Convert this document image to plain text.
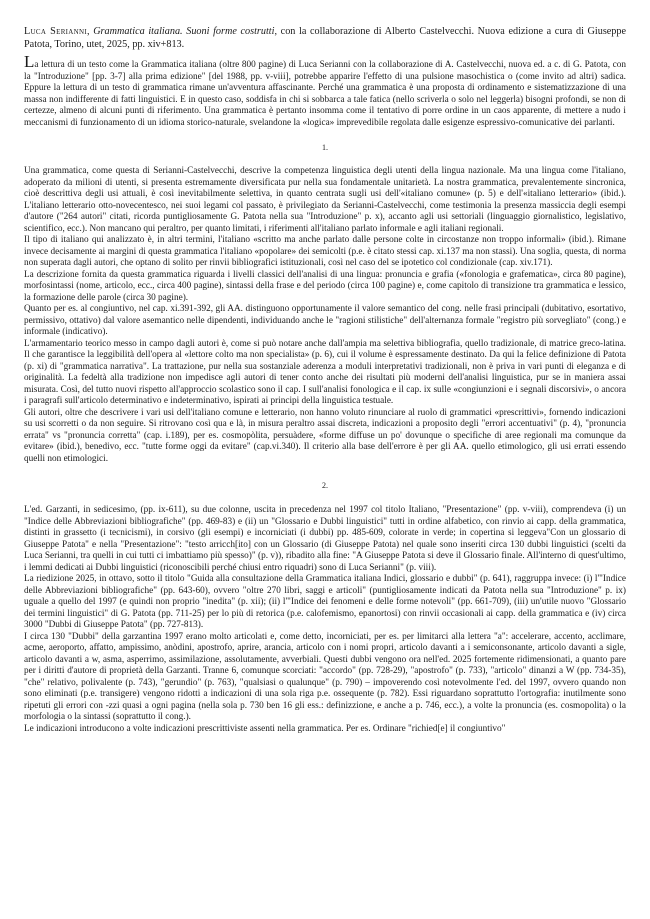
Luca Serianni, Grammatica italiana. Suoni forme costrutti, con la collaborazione di Alberto Castelvecchi. Nuova edizione a cura di Giuseppe Patota, Torino, utet, 2025, pp. xiv+813.

La lettura di un testo come la Grammatica italiana (oltre 800 pagine) di Luca Serianni con la collaborazione di A. Castelvecchi, nuova ed. a c. di G. Patota, con la "Introduzione" [pp. 3-7] alla prima edizione" [del 1988, pp. v-viii], potrebbe apparire l'effetto di una pulsione masochistica o (come invito ad altri) sadica. Eppure la lettura di un testo di grammatica rimane un'avventura affascinante. Perché una grammatica è una proposta di ordinamento e sistematizzazione di una massa non indifferente di fatti linguistici. E in questo caso, soddisfa in chi si sobbarca a tale fatica (nello scriverla o solo nel leggerla) bisogni profondi, se non di certezze, almeno di alcuni punti di riferimento. Una grammatica è pertanto insomma come il tentativo di porre ordine in un caos apparente, di mettere a nudo i meccanismi di funzionamento di un idioma storico-naturale, svelandone la «logica» imprevedibile regolata dalle esigenze espressivo-comunicative dei parlanti.

1.

Una grammatica, come questa di Serianni-Castelvecchi, descrive la competenza linguistica degli utenti della lingua nazionale. Ma una lingua come l'italiano, adoperato da milioni di utenti, si presenta estremamente diversificata pur nella sua fondamentale unitarietà. La nostra grammatica, prevalentemente sincronica, cioè descrittiva degli usi attuali, è così inevitabilmente selettiva, in quanto centrata sugli usi dell'«italiano comune» (p. 5) e dell'«italiano letterario» (ibid.). L'italiano letterario otto-novecentesco, nei suoi legami col passato, è privilegiato da Serianni-Castelvecchi, come testimonia la presenza massiccia degli esempi d'autore ("264 autori" citati, ricorda puntigliosamente G. Patota nella sua "Introduzione" p. x), accanto agli usi settoriali (linguaggio giornalistico, legislativo, scientifico, ecc.). Non mancano qui peraltro, per quanto limitati, i riferimenti all'italiano parlato informale e agli italiani regionali.

Il tipo di italiano qui analizzato è, in altri termini, l'italiano «scritto ma anche parlato dalle persone colte in circostanze non troppo informali» (ibid.). Rimane invece decisamente ai margini di questa grammatica l'italiano «popolare» dei semicolti (p.e. è citato stessi cap. xi.137 ma non stassi). Una soglia, questa, di norma non superata dagli autori, che optano di solito per rinvii bibliografici istituzionali, così nel caso del se ipotetico col condizionale (cap. xiv.171).

La descrizione fornita da questa grammatica riguarda i livelli classici dell'analisi di una lingua: pronuncia e grafia («fonologia e grafematica», circa 80 pagine), morfosintassi (nome, articolo, ecc., circa 400 pagine), sintassi della frase e del periodo (circa 100 pagine) e, come capitolo di transizione tra grammatica e lessico, la formazione delle parole (circa 30 pagine).

Quanto per es. al congiuntivo, nel cap. xi.391-392, gli AA. distinguono opportunamente il valore semantico del cong. nelle frasi principali (dubitativo, esortativo, permissivo, ottativo) dal valore asemantico nelle dipendenti, individuando anche le "ragioni stilistiche" dell'alternanza formale "registro più sorvegliato" (cong.) e informale (indicativo).

L'armamentario teorico messo in campo dagli autori è, come si può notare anche dall'ampia ma selettiva bibliografia, quello tradizionale, di matrice greco-latina. Il che garantisce la leggibilità dell'opera al «lettore colto ma non specialista» (p. 6), cui il volume è espressamente destinato. Da qui la felice definizione di Patota (p. xi) di "grammatica narrativa". La trattazione, pur nella sua sostanziale aderenza a moduli interpretativi tradizionali, non è priva in vari punti di eleganza e di originalità. La fedeltà alla tradizione non impedisce agli autori di tener conto anche dei risultati più moderni dell'analisi linguistica, pur se in maniera assai misurata. Così, del tutto nuovi rispetto all'approccio scolastico sono il cap. I sull'analisi fonologica e il cap. ix sulle «congiunzioni e i segnali discorsivi», o ancora i paragrafi sull'articolo determinativo e indeterminativo, ispirati ai principi della linguistica testuale.

Gli autori, oltre che descrivere i vari usi dell'italiano comune e letterario, non hanno voluto rinunciare al ruolo di grammatici «prescrittivi», fornendo indicazioni su usi scorretti o da non seguire. Si ritrovano così qua e là, in misura peraltro assai discreta, indicazioni a proposito degli "errori accentuativi" (p. 4), "pronuncia errata" vs "pronuncia corretta" (cap. i.189), per es. cosmopòlita, persuàdere, «forme diffuse un po' dovunque o specifiche di aree regionali ma comunque da evitare» (ibid.), benedivo, ecc. "tutte forme oggi da evitare" (cap.vi.340). Il criterio alla base dell'errore è per gli AA. quello etimologico, gli usi errati essendo quelli non etimologici.

2.

L'ed. Garzanti, in sedicesimo, (pp. ix-611), su due colonne, uscita in precedenza nel 1997 col titolo Italiano, "Presentazione" (pp. v-viii), comprendeva (i) un "Indice delle Abbreviazioni bibliografiche" (pp. 469-83) e (ii) un "Glossario e Dubbi linguistici" tutti in ordine alfabetico, con rinvio ai capp. della grammatica, distinti in grassetto (i tecnicismi), in corsivo (gli esempi) e incorniciati (i dubbi) pp. 485-609, colorate in verde; in copertina si leggeva"Con un glossario di Giuseppe Patota" e nella "Presentazione": "testo arricch[ito] con un Glossario (di Giuseppe Patota) nel quale sono inseriti circa 130 dubbi linguistici (scelti da Luca Serianni, tra quelli in cui tutti ci imbattiamo più spesso)" (p. v)), ribadito alla fine: "A Giuseppe Patota si deve il Glossario finale. All'interno di quest'ultimo, i lemmi dedicati ai Dubbi linguistici (riconoscibili perché chiusi entro riquadri) sono di Luca Serianni" (p. viii).

La riedizione 2025, in ottavo, sotto il titolo "Guida alla consultazione della Grammatica italiana Indici, glossario e dubbi" (p. 641), raggruppa invece: (i) l'"Indice delle Abbreviazioni bibliografiche" (pp. 643-60), ovvero "oltre 270 libri, saggi e articoli" (puntigliosamente indicati da Patota nella sua "Introduzione" p. ix) uguale a quello del 1997 (e quindi non proprio "inedita" (p. xii); (ii) l'"Indice dei fenomeni e delle forme notevoli" (pp. 661-709), (iii) un'utile nuovo "Glossario dei termini linguistici" di G. Patota (pp. 711-25) per lo più di retorica (p.e. calofemismo, epanortosi) con rinvii occasionali ai capp. della grammatica e (iv) circa 3000 "Dubbi di Giuseppe Patota" (pp. 727-813).

I circa 130 "Dubbi" della garzantina 1997 erano molto articolati e, come detto, incorniciati, per es. per limitarci alla lettera "a": accelerare, accento, acclimare, acme, aeroporto, affatto, ampissimo, anòdini, apostrofo, aprire, arancia, articolo con i nomi propri, articolo davanti a i semiconsonante, articolo davanti a sigle, articolo davanti a w, asma, asperrimo, assimilazione, assolutamente, avverbiali. Questi dubbi vengono ora nell'ed. 2025 fortemente ridimensionati, a quanto pare per i diritti d'autore di proprietà della Garzanti. Tranne 6, comunque scorciati: "accordo" (pp. 728-29), "apostrofo" (p. 733), "articolo" dinanzi a W (pp. 734-35), "che" relativo, polivalente (p. 743), "gerundio" (p. 763), "qualsiasi o qualunque" (p. 790) – impoverendo così notevolmente l'ed. del 1997, ovvero quando non sono eliminati (p.e. transigere) vengono ridotti a indicazioni di una sola riga p.e. ossequente (p. 782). Essi riguardano soprattutto l'ortografia: inutilmente sono ripetuti gli errori con -zzi quasi a ogni pagina (nella sola p. 730 ben 16 gli ess.: definizzione, e anche a p. 746, ecc.), a volte la pronuncia (es. cosmopolita) o la morfologia o la sintassi (soprattutto il cong.).

Le indicazioni introducono a volte indicazioni prescrittiviste assenti nella grammatica. Per es. Ordinare "richied[e] il congiuntivo"
